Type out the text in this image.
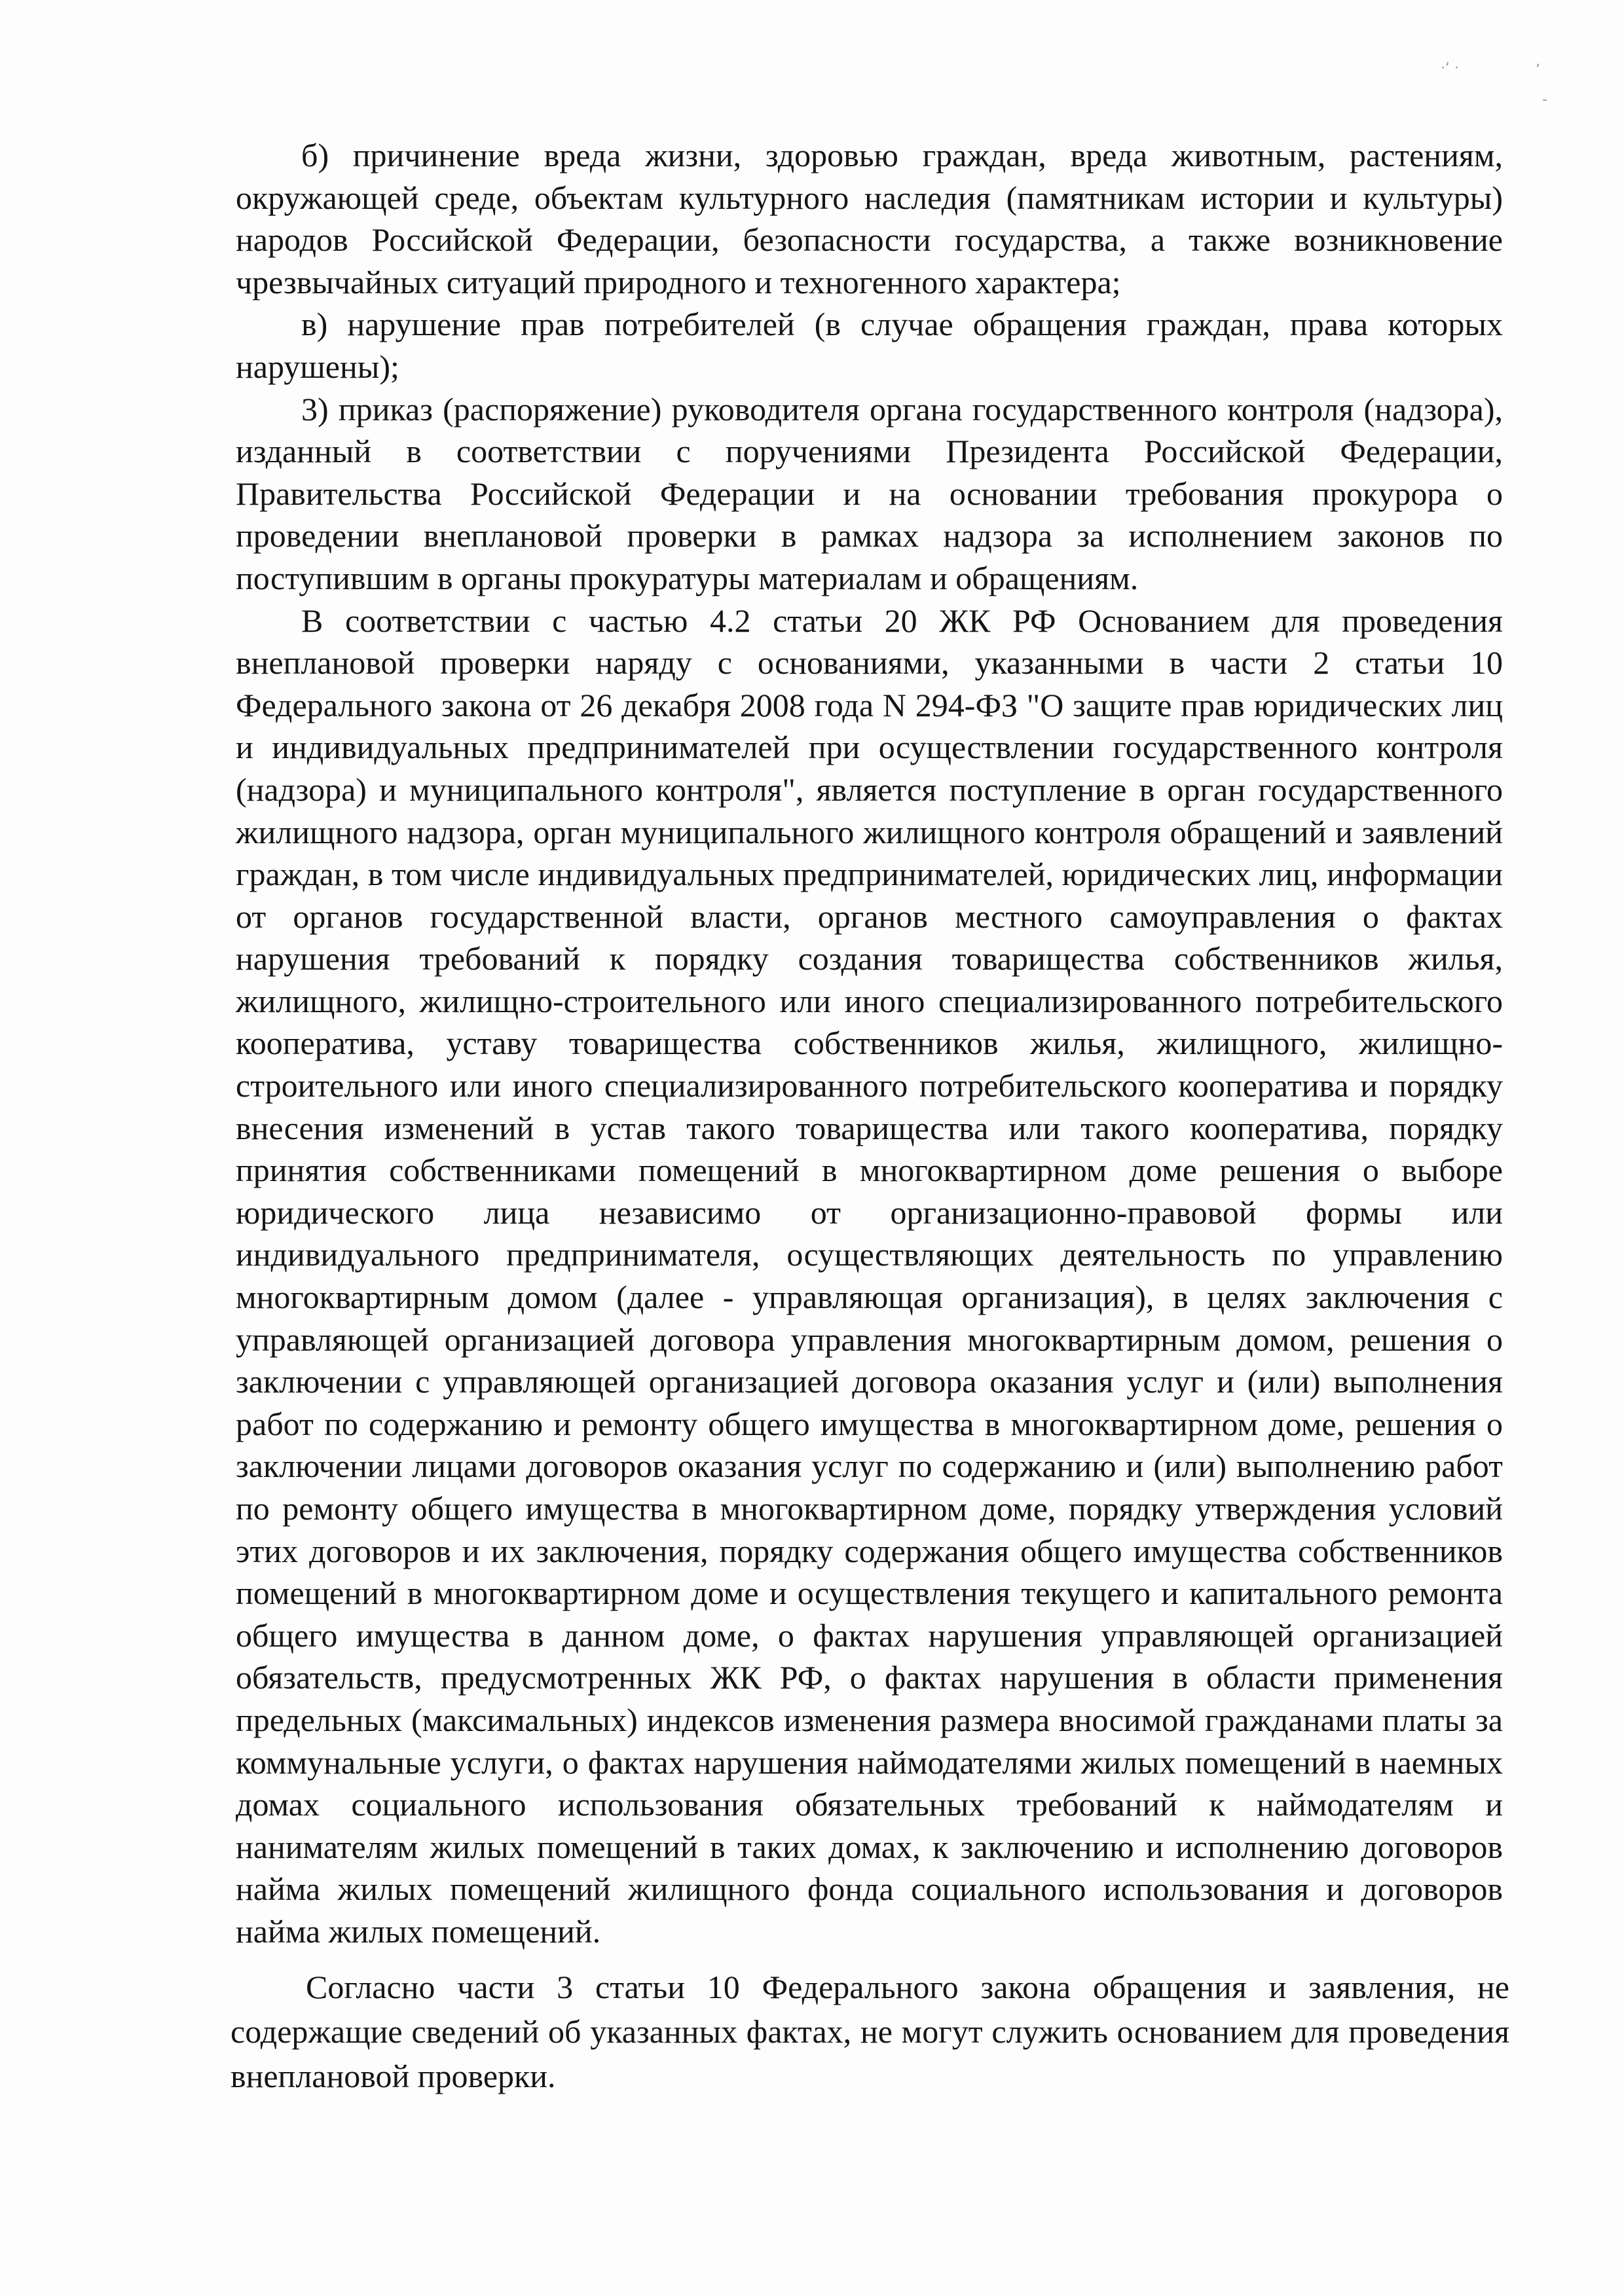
·‘ ·	’
-

б) причинение вреда жизни, здоровью граждан, вреда животным, растениям, окружающей среде, объектам культурного наследия (памятникам истории и культуры) народов Российской Федерации, безопасности государства, а также возникновение чрезвычайных ситуаций природного и техногенного характера;

в) нарушение прав потребителей (в случае обращения граждан, права которых нарушены);

3) приказ (распоряжение) руководителя органа государственного контроля (надзора), изданный в соответствии с поручениями Президента Российской Федерации, Правительства Российской Федерации и на основании требования прокурора о проведении внеплановой проверки в рамках надзора за исполнением законов по поступившим в органы прокуратуры материалам и обращениям.

В соответствии с частью 4.2 статьи 20 ЖК РФ Основанием для проведения внеплановой проверки наряду с основаниями, указанными в части 2 статьи 10 Федерального закона от 26 декабря 2008 года N 294-ФЗ "О защите прав юридических лиц и индивидуальных предпринимателей при осуществлении государственного контроля (надзора) и муниципального контроля", является поступление в орган государственного жилищного надзора, орган муниципального жилищного контроля обращений и заявлений граждан, в том числе индивидуальных предпринимателей, юридических лиц, информации от органов государственной власти, органов местного самоуправления о фактах нарушения требований к порядку создания товарищества собственников жилья, жилищного, жилищно-строительного или иного специализированного потребительского кооператива, уставу товарищества собственников жилья, жилищного, жилищно-строительного или иного специализированного потребительского кооператива и порядку внесения изменений в устав такого товарищества или такого кооператива, порядку принятия собственниками помещений в многоквартирном доме решения о выборе юридического лица независимо от организационно-правовой формы или индивидуального предпринимателя, осуществляющих деятельность по управлению многоквартирным домом (далее - управляющая организация), в целях заключения с управляющей организацией договора управления многоквартирным домом, решения о заключении с управляющей организацией договора оказания услуг и (или) выполнения работ по содержанию и ремонту общего имущества в многоквартирном доме, решения о заключении лицами договоров оказания услуг по содержанию и (или) выполнению работ по ремонту общего имущества в многоквартирном доме, порядку утверждения условий этих договоров и их заключения, порядку содержания общего имущества собственников помещений в многоквартирном доме и осуществления текущего и капитального ремонта общего имущества в данном доме, о фактах нарушения управляющей организацией обязательств, предусмотренных ЖК РФ, о фактах нарушения в области применения предельных (максимальных) индексов изменения размера вносимой гражданами платы за коммунальные услуги, о фактах нарушения наймодателями жилых помещений в наемных домах социального использования обязательных требований к наймодателям и нанимателям жилых помещений в таких домах, к заключению и исполнению договоров найма жилых помещений жилищного фонда социального использования и договоров найма жилых помещений.

Согласно части 3 статьи 10 Федерального закона обращения и заявления, не содержащие сведений об указанных фактах, не могут служить основанием для проведения внеплановой проверки.
